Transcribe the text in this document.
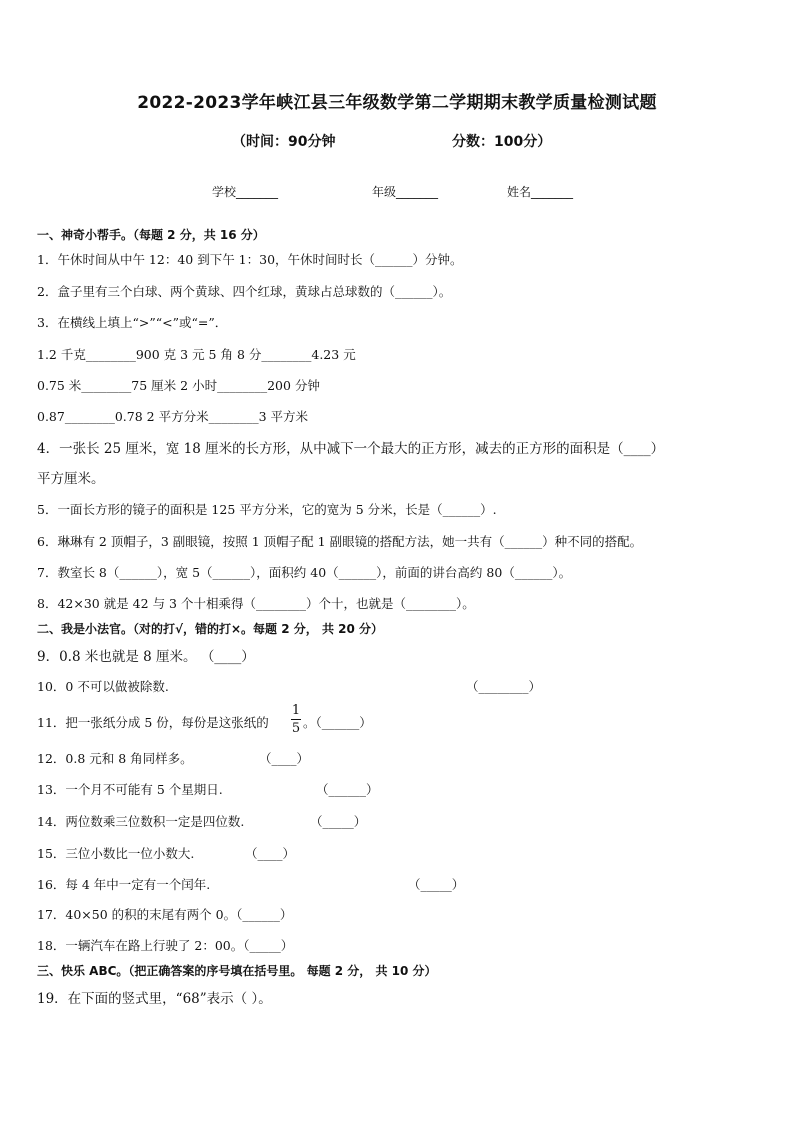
2022-2023学年峡江县三年级数学第二学期期末教学质量检测试题
（时间：90分钟	分数：100分）
学校_______	年级_______	姓名_______
一、神奇小帮手。（每题 2 分，共 16 分）
1．午休时间从中午 12：40 到下午 1：30，午休时间时长（______）分钟。
2．盒子里有三个白球、两个黄球、四个红球，黄球占总球数的（______）。
3．在横线上填上“>”“<”或“=”．
1.2 千克________900 克 3 元 5 角 8 分________4.23 元
0.75 米________75 厘米 2 小时________200 分钟
0.87________0.78 2 平方分米________3 平方米
4．一张长 25 厘米，宽 18 厘米的长方形，从中减下一个最大的正方形，减去的正方形的面积是（____）
平方厘米。
5．一面长方形的镜子的面积是 125 平方分米，它的宽为 5 分米，长是（______）.
6．琳琳有 2 顶帽子，3 副眼镜，按照 1 顶帽子配 1 副眼镜的搭配方法，她一共有（______）种不同的搭配。
7．教室长 8（______），宽 5（______），面积约 40（______），前面的讲台高约 80（______）。
8．42×30 就是 42 与 3 个十相乘得（________）个十，也就是（________）。
二、我是小法官。（对的打√，错的打×。每题 2 分， 共 20 分）
9．0.8 米也就是 8 厘米。 （____）
10．0 不可以做被除数.	（________）
11．把一张纸分成 5 份，每份是这张纸的
1
5 。（______）
12．0.8 元和 8 角同样多。	（____）
13．一个月不可能有 5 个星期日.	（______）
14．两位数乘三位数积一定是四位数.	（_____）
15．三位小数比一位小数大.	（____）
16．每 4 年中一定有一个闰年.	（_____）
17．40×50 的积的末尾有两个 0。（______）
18．一辆汽车在路上行驶了 2：00。（_____）
三、快乐 ABC。（把正确答案的序号填在括号里。 每题 2 分， 共 10 分）
19．在下面的竖式里，“68”表示（ ）。
